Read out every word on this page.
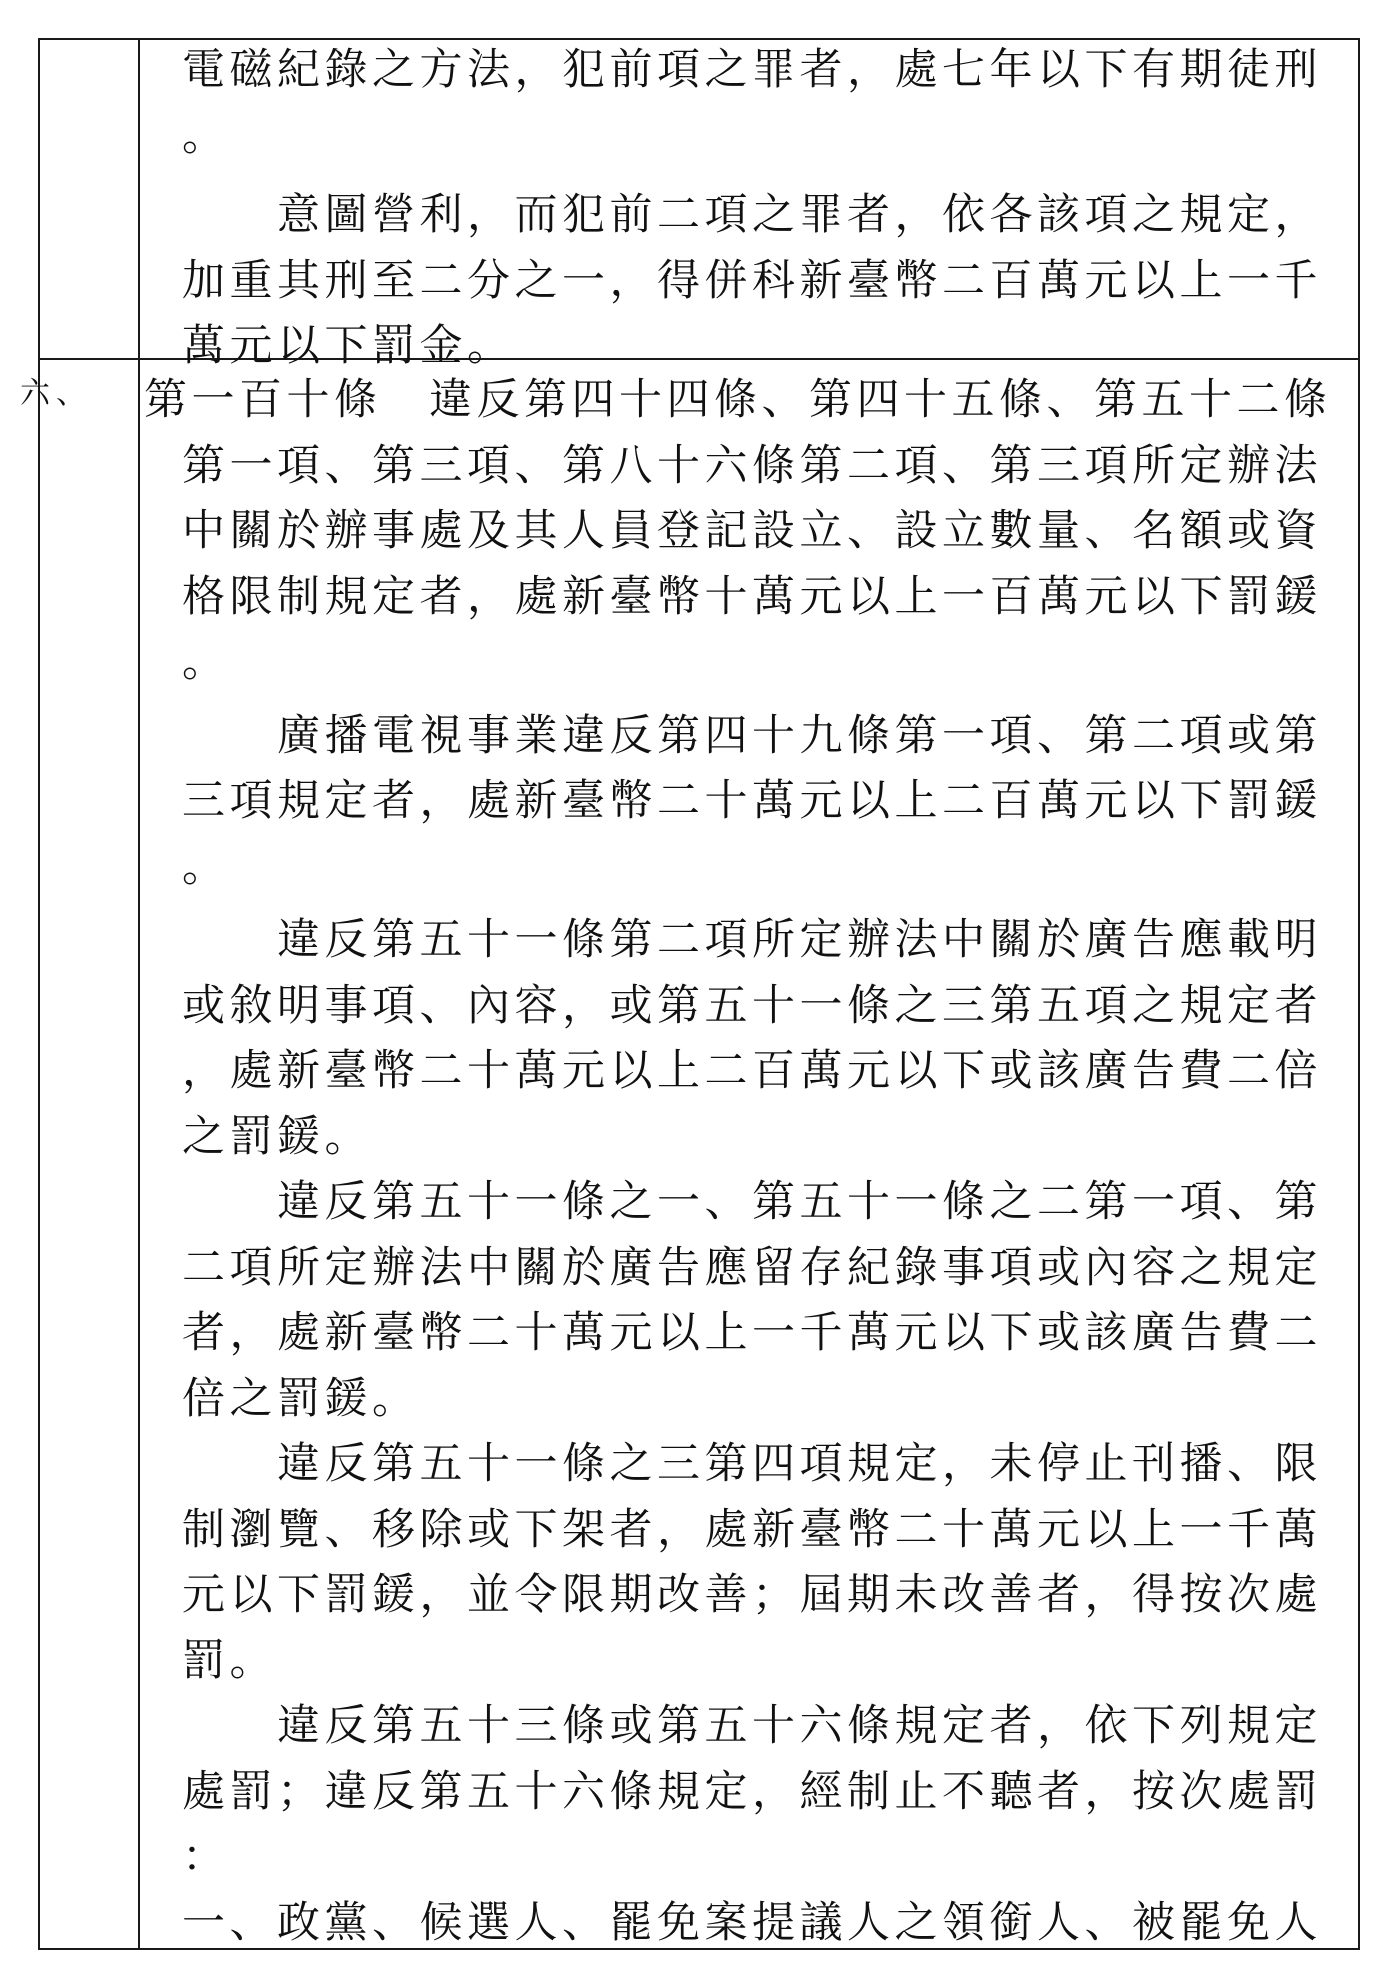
電磁紀錄之方法，犯前項之罪者，處七年以下有期徒刑
。
　　意圖營利，而犯前二項之罪者，依各該項之規定，
加重其刑至二分之一，得併科新臺幣二百萬元以上一千
萬元以下罰金。
六、 第一百十條　違反第四十四條、第四十五條、第五十二條
第一項、第三項、第八十六條第二項、第三項所定辦法
中關於辦事處及其人員登記設立、設立數量、名額或資
格限制規定者，處新臺幣十萬元以上一百萬元以下罰鍰
。
　　廣播電視事業違反第四十九條第一項、第二項或第
三項規定者，處新臺幣二十萬元以上二百萬元以下罰鍰
。
　　違反第五十一條第二項所定辦法中關於廣告應載明
或敘明事項、內容，或第五十一條之三第五項之規定者
，處新臺幣二十萬元以上二百萬元以下或該廣告費二倍
之罰鍰。
　　違反第五十一條之一、第五十一條之二第一項、第
二項所定辦法中關於廣告應留存紀錄事項或內容之規定
者，處新臺幣二十萬元以上一千萬元以下或該廣告費二
倍之罰鍰。
　　違反第五十一條之三第四項規定，未停止刊播、限
制瀏覽、移除或下架者，處新臺幣二十萬元以上一千萬
元以下罰鍰，並令限期改善；屆期未改善者，得按次處
罰。
　　違反第五十三條或第五十六條規定者，依下列規定
處罰；違反第五十六條規定，經制止不聽者，按次處罰
：
一、政黨、候選人、罷免案提議人之領銜人、被罷免人
